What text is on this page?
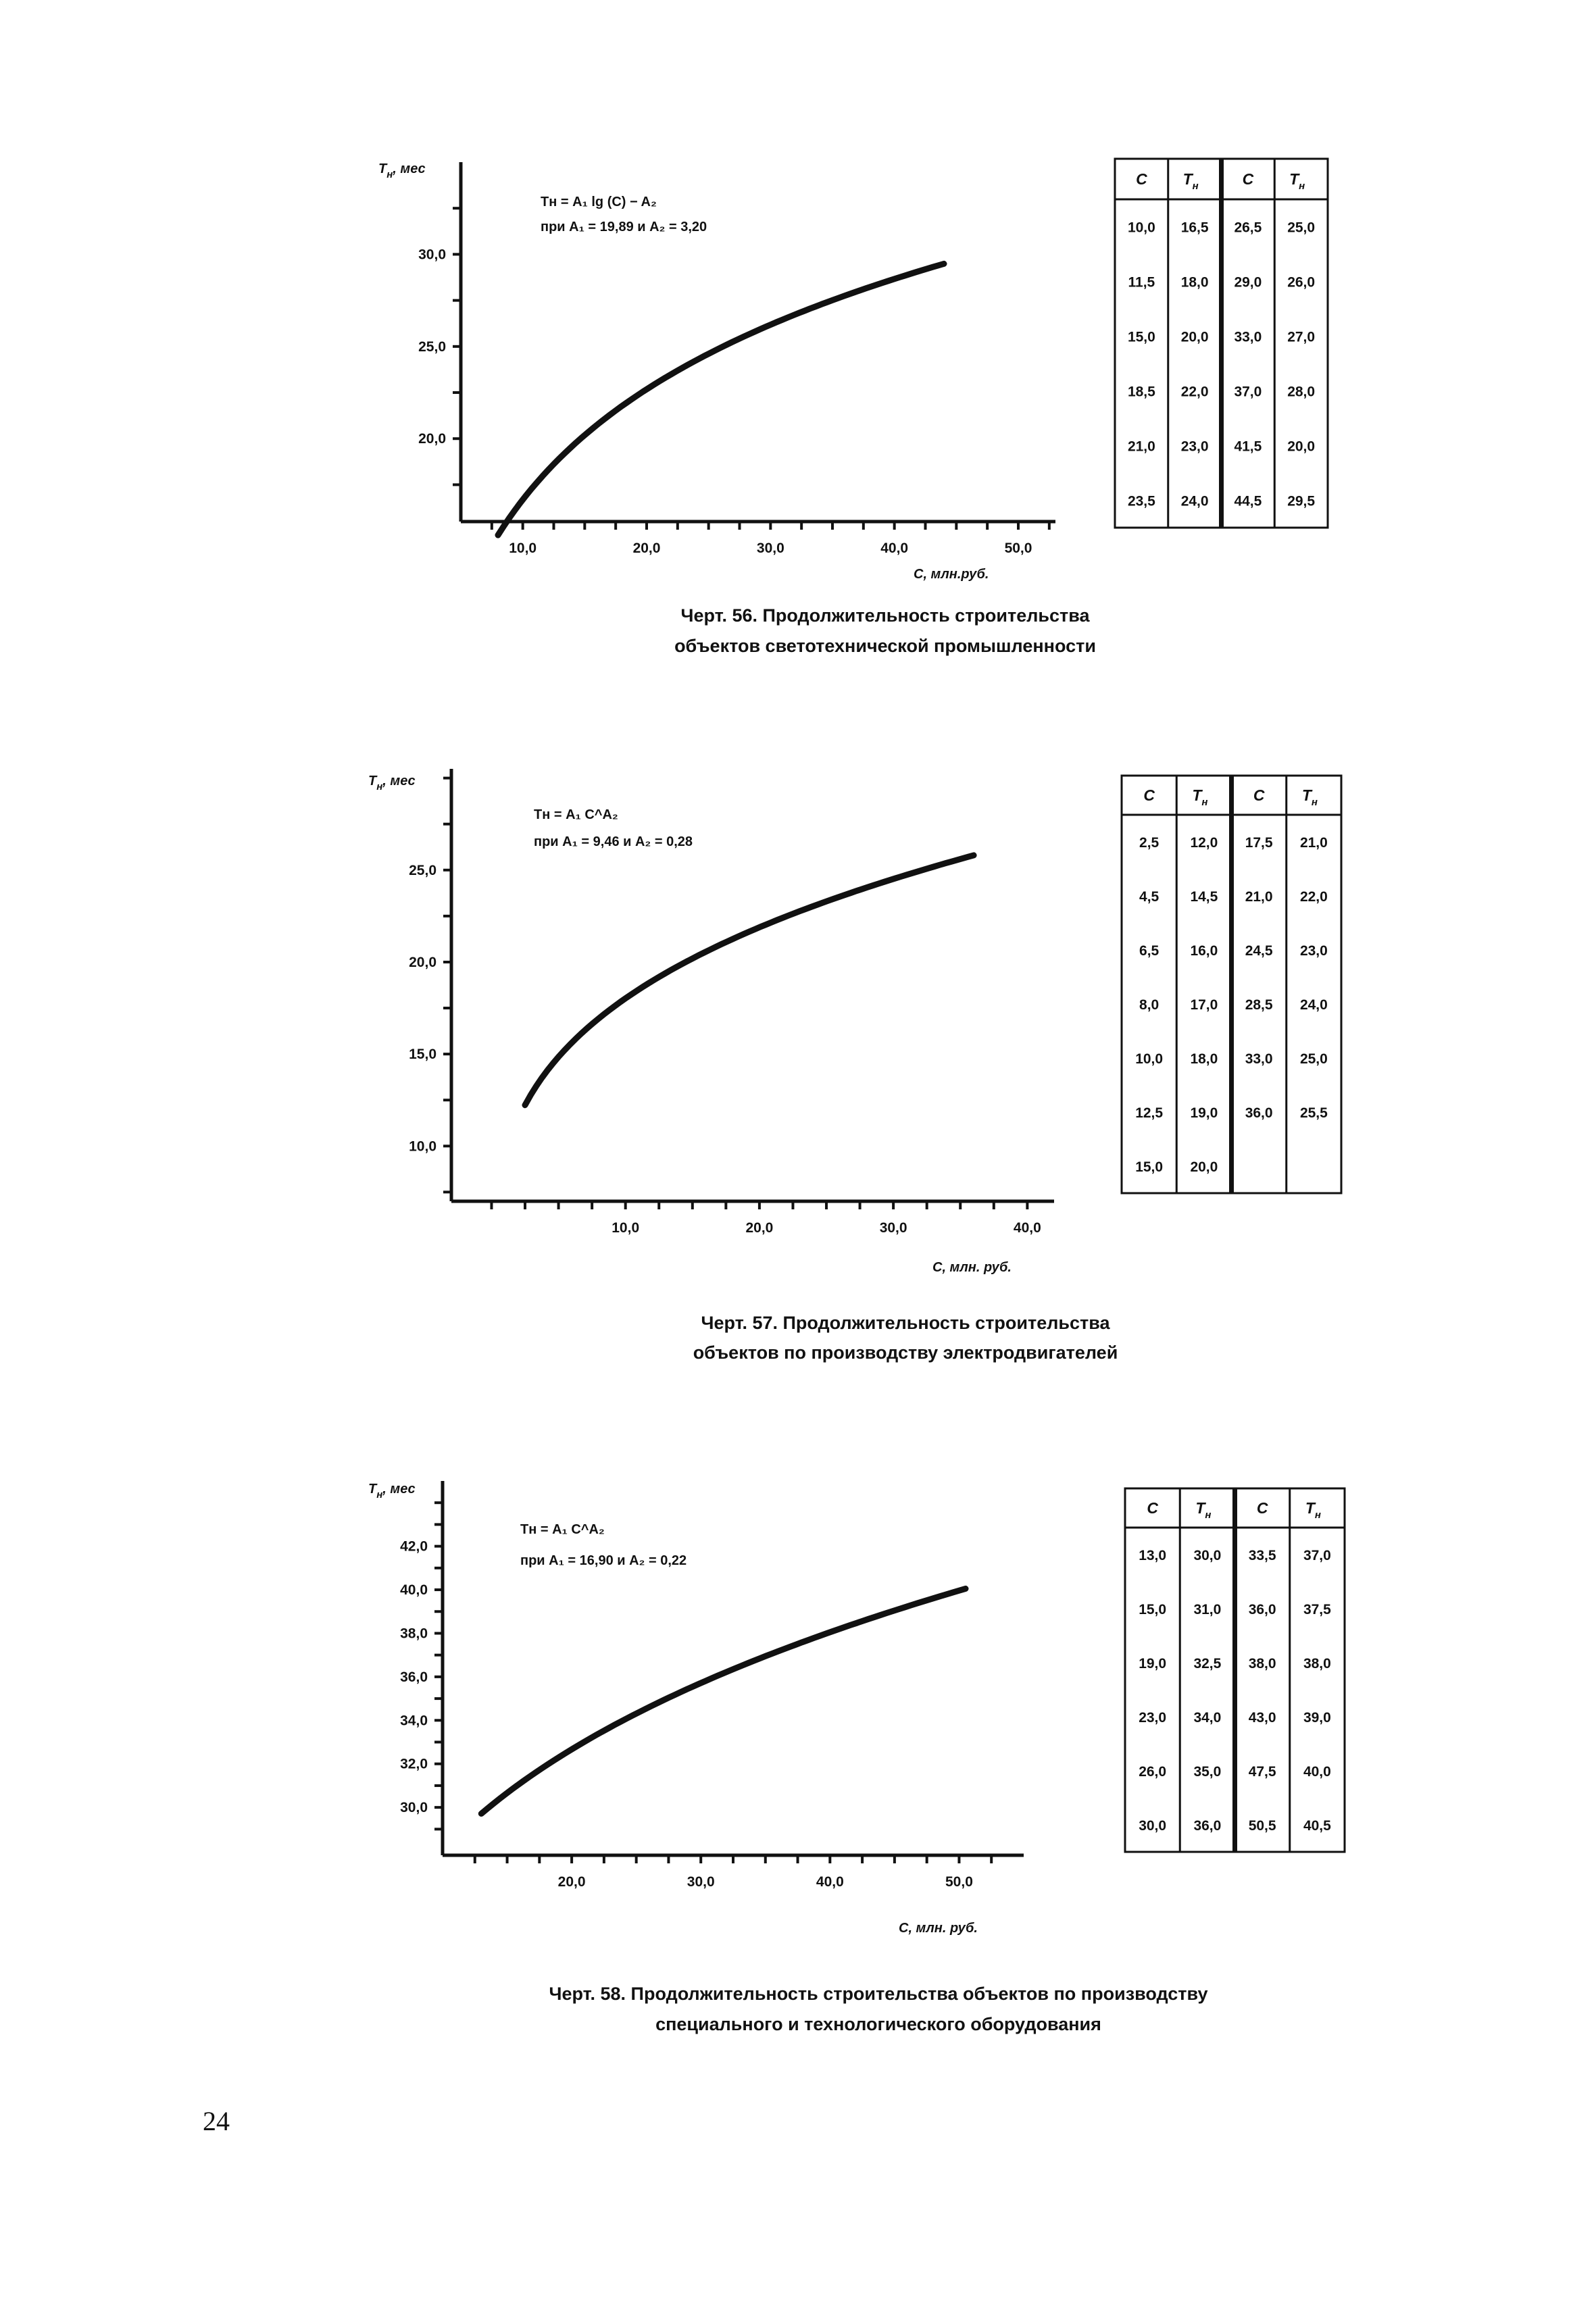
20,0
25,0
30,0
10,0	20,0	30,0	40,0	50,0
$T_н$, мес
C, млн.руб.
Tн = A₁ lg (C) − A₂
при A₁ = 19,89 и A₂ = 3,20
Черт. 56. Продолжительность строительства
объектов светотехнической промышленности
C $T_н$	C $T_н$
10,0 16,5 26,5 25,0
11,5 18,0 29,0 26,0
15,0 20,0 33,0 27,0
18,5 22,0 37,0 28,0
21,0 23,0 41,5 20,0
23,5 24,0 44,5 29,5
10,0
15,0
20,0
25,0
10,0	20,0	30,0	40,0
$T_н$, мес
C, млн. руб.
Tн = A₁ C^A₂
при A₁ = 9,46 и A₂ = 0,28
Черт. 57. Продолжительность строительства
объектов по производству электродвигателей
C $T_н$	C $T_н$
2,5 12,0 17,5 21,0
4,5 14,5 21,0 22,0
6,5 16,0 24,5 23,0
8,0 17,0 28,5 24,0
10,0 18,0 33,0 25,0
12,5 19,0 36,0 25,5
15,0 20,0
30,0
32,0
34,0
36,0
38,0
40,0
42,0
20,0	30,0	40,0	50,0
$T_н$, мес
C, млн. руб.
Tн = A₁ C^A₂
при A₁ = 16,90 и A₂ = 0,22
Черт. 58. Продолжительность строительства объектов по производству
специального и технологического оборудования
C $T_н$	C $T_н$
13,0 30,0 33,5 37,0
15,0 31,0 36,0 37,5
19,0 32,5 38,0 38,0
23,0 34,0 43,0 39,0
26,0 35,0 47,5 40,0
30,0 36,0 50,5 40,5
24
